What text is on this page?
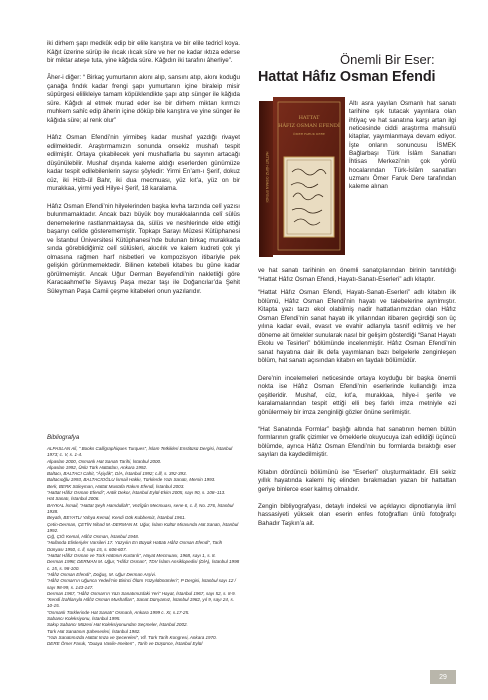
iki dirhem şapı medkûk edip bir elile karıştıra ve bir elile tedricî koya. Kâğıt üzerine sürüp ile ılıcak ılıcak süre ve her ne kadar ıktıza ederse bir miktar ateşe tuta, yine kâğıda süre. Kâğıdın iki tarafını âherliye”.

Âher-i diğer: “ Birkaç yumurtanın akını alıp, sansını atıp, akını koduğu çanağa fındık kadar frengi şapı yumurtanın içine biraleip misir süpürgesi elilikleiye tamam köpüklendikte şapı atıp sünger ile kâğıda süre. Kâğıdı al etmek murad eder ise bir dirhem miktarı kırmızı muhkem sahîc edip âherin içine döküp bile karıştıra ve yine sünger ile kâğıda süre; al renk olur”

Hâfız Osman Efendi’nin yirmibeş kadar mushaf yazdığı rivayet edilmektedir. Araştırmamızın sonunda onsekiz mushafı tespit edilmiştir. Ortaya çıkabilecek yeni mushaflarla bu sayının artacağı düşünülebilir. Mushaf dışında kaleme aldığı eserlerden günümüze kadar tespit edilebilenlerin sayısı şöyledir: Yirmi En’am-ı Şerif, dokuz cüz, iki Hizb-ül Bahr, iki dua mecmuası, yüz kıt’a, yüz on bir murakkaa, yirmi yedi Hilye-i Şerif, 18 karalama.

Hâfız Osman Efendi’nin hilyelerinden başka levha tarzında celî yazısı bulunmamaktadır. Ancak bazı büyük boy murakkalarında celî sülüs denemelerine rastlanmaktaysa da, sülüs ve neshlerinde elde ettiği başarıyı celîde gösterememiştir. Topkapı Sarayı Müzesi Kütüphanesi ve İstanbul Üniversitesi Kütüphanesi’nde bulunan birkaç murakkada sında göreblidiğimiz celî sülüsleri, akıcılık ve kalem kudreti çok yi olmasına rağmen harf nisbetleri ve kompozisyon itibariyle pek gelişkin görünmemektedir. Bilinen ketebeli kitabes bu güne kadar görülmemiştir. Ancak Uğur Derman Beyefendi’nin nakletliği göre Karacaahmet’te Siyavuş Paşa mezar taşı ile Doğancılar’da Şehit Süleyman Paşa Camii çeşme kitabeleri onun yazılarıdır.

Bibliografya

ALPASLAN Ali, “ Books Calligraphiques Turques”, İslam Tetkikleri Enstitüsü Dergisi, İstanbul 1973; c. V, s. 1-4.

Alpaslan 2000, Osmanlı Hat Sanatı Tarihi, İstanbul 2000.

Alpaslan 1992, Ünlü Türk Hattatları, Ankara 1992.

Baltacı, BALTACI Cahit, “Âşiyâk”, DİA, İstanbul 1992; c.lll, s. 392-393.

Baltacıoğlu 1993, BALTACIOĞLU İsmail Hakkı, Türklerde Yazı Sanatı, Mersin 1993.

Berk, BERK Süleyman, Hattat Mustafa Rakım Efendi, İstanbul 2003.

“Hattat Hâfız Osman Efendi”, Antik Dekor, İstanbul Eylül-Ekim 2005, sayı 90, s. 108–113.

Hat Sanatı, İstanbul 2006.

BAYKAL İsmail, “Hattat Şeyh Hamdullah”, Vezîgûn Mecmuası, sene 6, c. ll, No. 276, İstanbul 1938.

Beyatlı, BEYATLI Yahya Kemal, Kendi Gök Kubbemiz, İstanbul 1961.

Çetin-Derman, ÇETİN Nihad M.-DERMAN M. Uğur, İslam Kültür Mirasında Hat Sanatı, İstanbul 1992.

Çığ, ÇIĞ Kemal, Hâfız Osman, İstanbul 1948.

“Hollanda Elisleriyler Varsileri 17. Yüzyılın En Büyük Hattatı Hâfız Osman Efendi”, Tarih Dünyası 1950, c. ll, sayı 15, s. 606-607.

“Hattat Hâfız Osman ve Türk Hattının Kurtarılı”, Hayat Mecmuası, 1968, sayı 1, s. 8.

Derman 1998; DERMAN M. Uğur, “Hâfız Osman”, TDV İslam Ansiklopedisi (DİA), İstanbul 1998 c. 15, s. 98-100.

“Hâfız Osman Efendi”, Doğuş, M. Uğur Derman Arşivi.

“Hâfız Osman’ın Uğunca Yedeli’nin Birinci Ölüm Yüzyıldönümleri”, P Dergisi, İstanbul sayı 12 / sayı 98-99, s. 143-147.

Derman 1967, “Hâfız Osman’ın Yazı Sanatımızdaki Yeri” Hayat, İstanbul 1967, sayı 52, s. 8-9.

“Kendi İzahlarıyla Hâfız Osman Mushafları”, Sanat Dünyamız, İstanbul 1982, yıl 9, sayı 24, s. 10-15.

“Osmanlı Türklerinde Hat Sanatı” Osmanlı, Ankara 1999 c. XI, s.17-25.

Sabancı Koleksiyonu, İstanbul 1995.

Sakıp Sabancı Müzesi Hat Koleksiyonundan Seçmeler, İstanbul 2002.

Türk Hat Sanatının Şaheserleri, İstanbul 1982.

“Yazı Sanatımızda Hattat Imza ve Şecereleri”, Vll. Türk Tarih Kongresi, Ankara 1970.

DERE Ömer Faruk, “Duaya Vasile-Imeiten” , Tarih ve Düşünce, İstanbul Eylül

Önemli Bir Eser:
Hattat Hâfız Osman Efendi
HATTAT
HÂFIZ OSMAN EFENDİ
ÖMER FARUK DERE
HATTAT HÂFIZ OSMAN EFENDİ

Altı asra yayılan Osmanlı hat sanatı tarihine ışık tutacak yayınlara olan ihtiyaç ve hat sanatına karşı artan ilgi neticesinde ciddi araştırma mahsulü kitaplar, yayımlanmaya devam ediyor. İşte onların sonuncusu İSMEK Bağlarbaşı Türk İslâm Sanatları İhtisas Merkezi’nin çok yönlü hocalarından Türk-İslâm sanatları uzmanı Ömer Faruk Dere tarafından kaleme alınan

ve hat sanatı tarihinin en önemli sanatçılarından birinin tanıtıldığı “Hattat Hâfız Osman Efendi, Hayatı-Sanatı-Eserleri” adlı kitaptır.

“Hattat Hâfız Osman Efendi, Hayatı-Sanatı-Eserleri” adlı kitabın ilk bölümü, Hâfız Osman Efendi’nin hayatı ve talebelerine ayrılmıştır. Kitapta yazı tarzı ekol olabilmiş nadir hattatlarımızdan olan Hâfız Osman Efendi’nin sanat hayatı ilk yıllarından itibaren geçirdiği son üç yılına kadar evail, evasıt ve evahir adlarıyla tasnif edilmiş ve her döneme ait örnekler sunularak nasıl bir gelişim gösterdiği “Sanat Hayatı Ekolu ve Tesirleri” bölümünde incelenmiştir. Hâfız Osman Efendi’nin sanat hayatına dair ilk defa yayımlanan bazı belgelerle zenginleşen bölüm, hat sanatı açısından kitabın en faydalı bölümüdür.

Dere’nin incelemeleri neticesinde ortaya koyduğu bir başka önemli nokta ise Hâfız Osman Efendi’nin eserlerinde kullandığı imza çeşitleridir. Mushaf, cüz, kıt’a, murakkaa, hilye-i şerife ve karalamalarından tespit ettiği elli beş farklı imza metniyle ezi gönülermeiy bir imza zenginliği gözler önüne serilmiştir.

“Hat Sanatında Formlar” başlığı altında hat sanatının hemen bütün formlarının grafik çizimler ve örneklerle okuyucuya izah edildiği üçüncü bölümde, ayrıca Hâfız Osman Efendi’nin bu formlarda bıraktığı eser sayıları da kaydedilmiştir.

Kitabın dördüncü bölümünü ise “Eserleri” oluşturmaktadır. Elli sekiz yıllık hayatında kalemi hiç elinden bırakmadan yazan bir hattattan geriye binlerce eser kalmış olmalıdır.

Zengin bibliyografyası, detaylı indeksi ve açıklayıcı dipnotlarıyla ilmî hassasiyeti yüksek olan eserin enfes fotoğrafları ünlü fotoğrafçı Bahadır Taşkın’a ait.

29
